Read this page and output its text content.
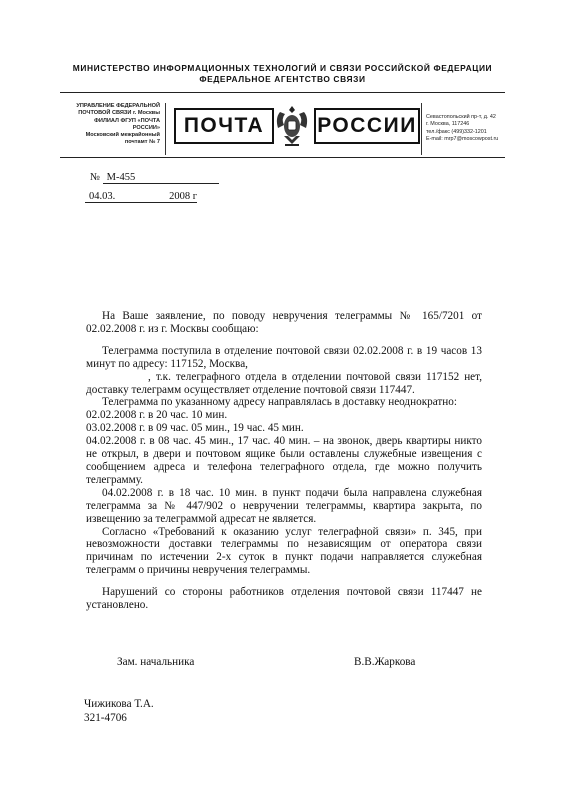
МИНИСТЕРСТВО ИНФОРМАЦИОННЫХ ТЕХНОЛОГИЙ И СВЯЗИ РОССИЙСКОЙ ФЕДЕРАЦИИ
ФЕДЕРАЛЬНОЕ АГЕНТСТВО СВЯЗИ
УПРАВЛЕНИЕ ФЕДЕРАЛЬНОЙ
ПОЧТОВОЙ СВЯЗИ г. Москвы
ФИЛИАЛ ФГУП «ПОЧТА
РОССИИ»
Московский межрайонный
почтамт № 7
ПОЧТА	РОССИИ	Севастопольский пр-т, д. 42
г. Москва, 117246
тел./факс (499)332-1201
E-mail: mrp7@moscowpost.ru
№ М-455
04.03.	2008 г

На Ваше заявление, по поводу невручения телеграммы № 165/7201 от 02.02.2008 г. из г. Москвы сообщаю:

Телеграмма поступила в отделение почтовой связи 02.02.2008 г. в 19 часов 13 минут по адресу: 117152, Москва,

, т.к. телеграфного отдела в отделении почтовой связи 117152 нет, доставку телеграмм осуществляет отделение почтовой связи 117447.

Телеграмма по указанному адресу направлялась в доставку неоднократно:

02.02.2008 г. в 20 час. 10 мин.

03.02.2008 г. в 09 час. 05 мин., 19 час. 45 мин.

04.02.2008 г. в 08 час. 45 мин., 17 час. 40 мин. – на звонок, дверь квартиры никто не открыл, в двери и почтовом ящике были оставлены служебные извещения с сообщением адреса и телефона телеграфного отдела, где можно получить телеграмму.

04.02.2008 г. в 18 час. 10 мин. в пункт подачи была направлена служебная телеграмма за № 447/902 о невручении телеграммы, квартира закрыта, по извещению за телеграммой адресат не является.

Согласно «Требований к оказанию услуг телеграфной связи» п. 345, при невозможности доставки телеграммы по независящим от оператора связи причинам по истечении 2-х суток в пункт подачи направляется служебная телеграмм о причины невручения телеграммы.

Нарушений со стороны работников отделения почтовой связи 117447 не установлено.

Зам. начальника	В.В.Жаркова
Чижикова Т.А.
321-4706
